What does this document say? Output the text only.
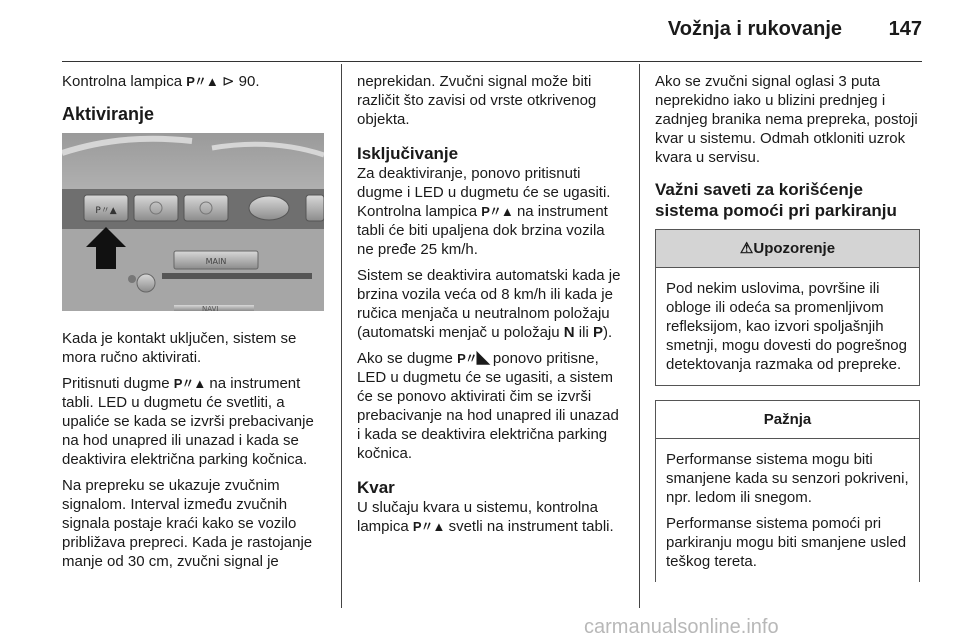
Vožnja i rukovanje 147

Kontrolna lampica P〃▲ ⊳ 90.

Aktiviranje
P〃▲
MAIN
NAVI

Kada je kontakt uključen, sistem se mora ručno aktivirati.

Pritisnuti dugme P〃▲ na instrument tabli. LED u dugmetu će svetliti, a upaliće se kada se izvrši prebacivanje na hod unapred ili unazad i kada se deaktivira električna parking kočnica.

Na prepreku se ukazuje zvučnim signalom. Interval između zvučnih signala postaje kraći kako se vozilo približava prepreci. Kada je rastojanje manje od 30 cm, zvučni signal je

neprekidan. Zvučni signal može biti različit što zavisi od vrste otkrivenog objekta.

Isključivanje

Za deaktiviranje, ponovo pritisnuti dugme i LED u dugmetu će se ugasiti.

Kontrolna lampica P〃▲ na instrument tabli će biti upaljena dok brzina vozila ne pređe 25 km/h.

Sistem se deaktivira automatski kada je brzina vozila veća od 8 km/h ili kada je ručica menjača u neutralnom položaju (automatski menjač u položaju N ili P).

Ako se dugme P〃◣ ponovo pritisne, LED u dugmetu će se ugasiti, a sistem će se ponovo aktivirati čim se izvrši prebacivanje na hod unapred ili unazad i kada se deaktivira električna parking kočnica.

Kvar

U slučaju kvara u sistemu, kontrolna lampica P〃▲ svetli na instrument tabli.

Ako se zvučni signal oglasi 3 puta neprekidno iako u blizini prednjeg i zadnjeg branika nema prepreka, postoji kvar u sistemu. Odmah otkloniti uzrok kvara u servisu.

Važni saveti za korišćenje sistema pomoći pri parkiranju
⚠Upozorenje

Pod nekim uslovima, površine ili obloge ili odeća sa promenljivom refleksijom, kao izvori spoljašnjih smetnji, mogu dovesti do pogrešnog detektovanja razmaka od prepreke.

Pažnja

Performanse sistema mogu biti smanjene kada su senzori pokriveni, npr. ledom ili snegom.

Performanse sistema pomoći pri parkiranju mogu biti smanjene usled teškog tereta.

carmanualsonline.info
